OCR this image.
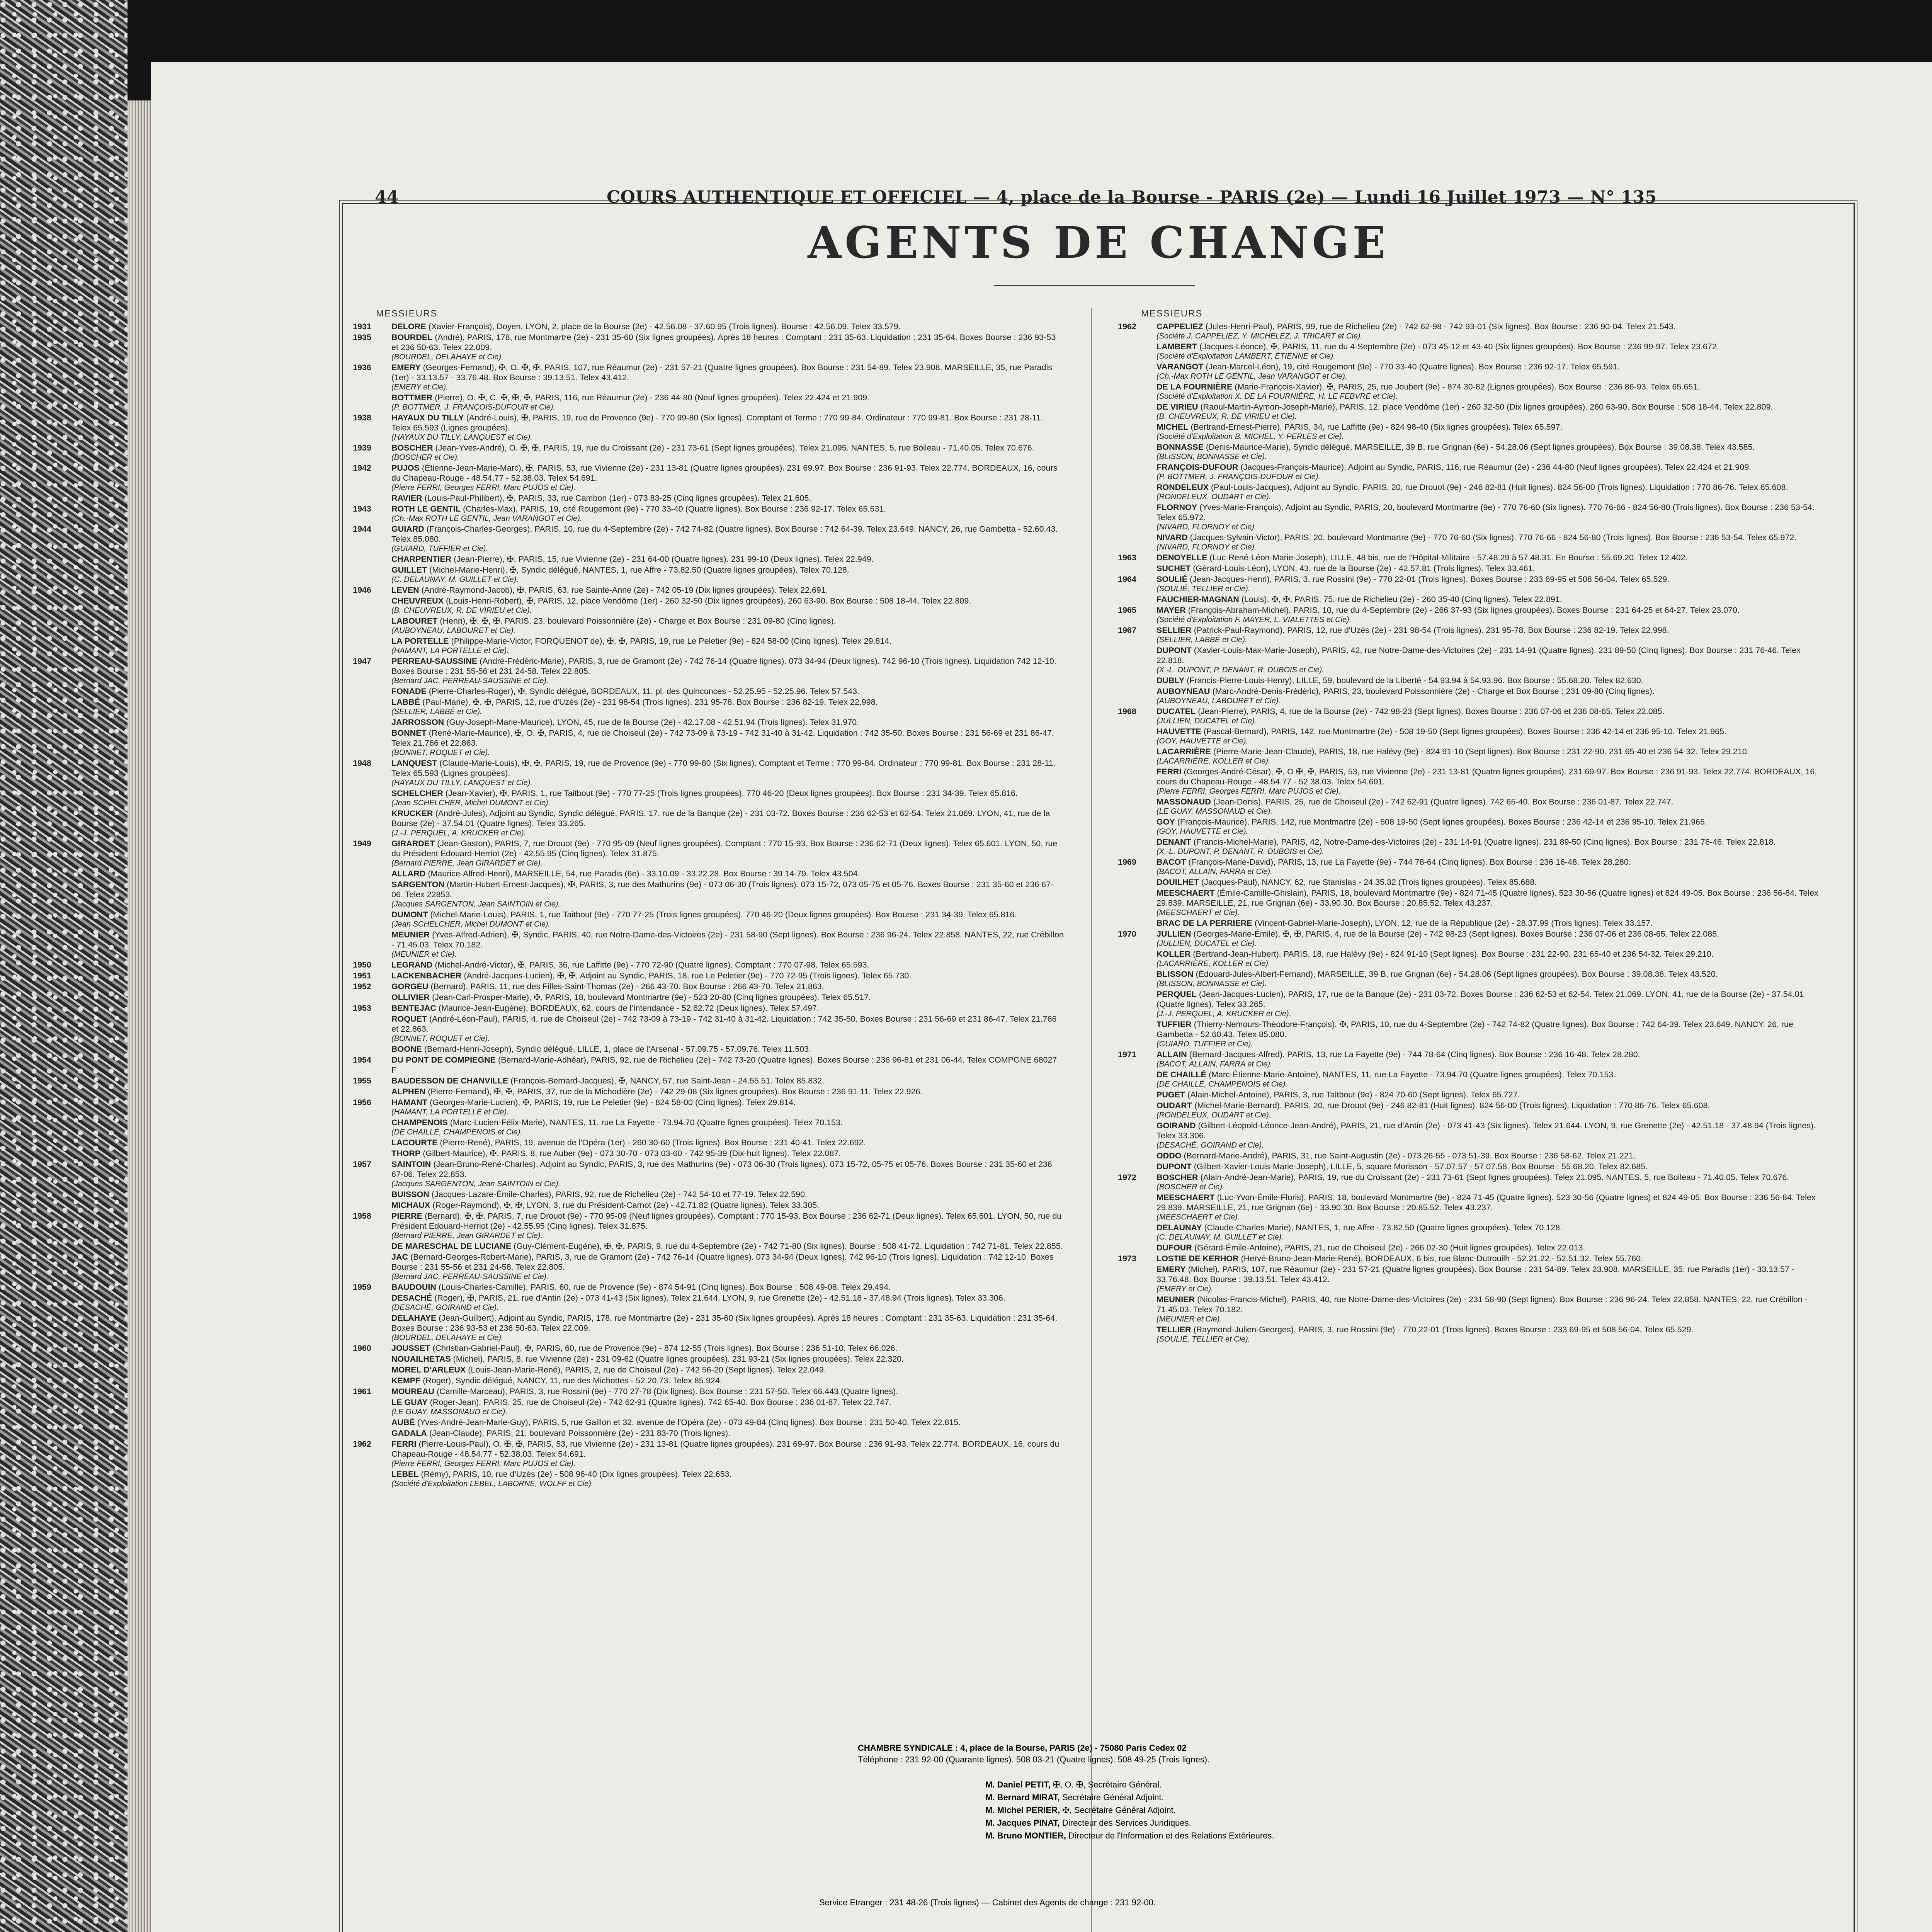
44	COURS AUTHENTIQUE ET OFFICIEL — 4, place de la Bourse - PARIS (2e) — Lundi 16 Juillet 1973 — N° 135
AGENTS DE CHANGE
MESSIEURS
1931 DELORE (Xavier-François), Doyen, LYON, 2, place de la Bourse (2e) - 42.56.08 - 37.60.95 (Trois lignes). Bourse : 42.56.09. Telex 33.579.
1935 BOURDEL (André), PARIS, 178, rue Montmartre (2e) - 231 35-60 (Six lignes groupées). Après 18 heures : Comptant : 231 35-63. Liquidation : 231 35-64. Boxes Bourse : 236 93-53 et 236 50-63. Telex 22.009.
(BOURDEL, DELAHAYE et Cie).
1936 EMERY (Georges-Fernand), ✠, O. ✠, ✠, PARIS, 107, rue Réaumur (2e) - 231 57-21 (Quatre lignes groupées). Box Bourse : 231 54-89. Telex 23.908. MARSEILLE, 35, rue Paradis (1er) - 33.13.57 - 33.76.48. Box Bourse : 39.13.51. Telex 43.412.
(EMERY et Cie).
BOTTMER (Pierre), O. ✠, C. ✠, ✠, ✠, PARIS, 116, rue Réaumur (2e) - 236 44-80 (Neuf lignes groupées). Telex 22.424 et 21.909.
(P. BOTTMER, J. FRANÇOIS-DUFOUR et Cie).
1938 HAYAUX DU TILLY (André-Louis), ✠, PARIS, 19, rue de Provence (9e) - 770 99-80 (Six lignes). Comptant et Terme : 770 99-84. Ordinateur : 770 99-81. Box Bourse : 231 28-11. Telex 65.593 (Lignes groupées).
(HAYAUX DU TILLY, LANQUEST et Cie).
1939 BOSCHER (Jean-Yves-André), O. ✠, ✠, PARIS, 19, rue du Croissant (2e) - 231 73-61 (Sept lignes groupées). Telex 21.095. NANTES, 5, rue Boileau - 71.40.05. Telex 70.676.
(BOSCHER et Cie).
1942 PUJOS (Étienne-Jean-Marie-Marc), ✠, PARIS, 53, rue Vivienne (2e) - 231 13-81 (Quatre lignes groupées). 231 69.97. Box Bourse : 236 91-93. Telex 22.774. BORDEAUX, 16, cours du Chapeau-Rouge - 48.54.77 - 52.38.03. Telex 54.691.
(Pierre FERRI, Georges FERRI, Marc PUJOS et Cie).
RAVIER (Louis-Paul-Philibert), ✠, PARIS, 33, rue Cambon (1er) - 073 83-25 (Cinq lignes groupées). Telex 21.605.
1943 ROTH LE GENTIL (Charles-Max), PARIS, 19, cité Rougemont (9e) - 770 33-40 (Quatre lignes). Box Bourse : 236 92-17. Telex 65.531.
(Ch.-Max ROTH LE GENTIL, Jean VARANGOT et Cie).
1944 GUIARD (François-Charles-Georges), PARIS, 10, rue du 4-Septembre (2e) - 742 74-82 (Quatre lignes). Box Bourse : 742 64-39. Telex 23.649. NANCY, 26, rue Gambetta - 52.60.43. Telex 85.080.
(GUIARD, TUFFIER et Cie).
CHARPENTIER (Jean-Pierre), ✠, PARIS, 15, rue Vivienne (2e) - 231 64-00 (Quatre lignes). 231 99-10 (Deux lignes). Telex 22.949.
GUILLET (Michel-Marie-Henri), ✠, Syndic délégué, NANTES, 1, rue Affre - 73.82.50 (Quatre lignes groupées). Telex 70.128.
(C. DELAUNAY, M. GUILLET et Cie).
1946 LEVEN (André-Raymond-Jacob), ✠, PARIS, 63, rue Sainte-Anne (2e) - 742 05-19 (Dix lignes groupées). Telex 22.691.
CHEUVREUX (Louis-Henri-Robert), ✠, PARIS, 12, place Vendôme (1er) - 260 32-50 (Dix lignes groupées). 260 63-90. Box Bourse : 508 18-44. Telex 22.809.
(B. CHEUVREUX, R. DE VIRIEU et Cie).
LABOURET (Henri), ✠, ✠, ✠, PARIS, 23, boulevard Poissonnière (2e) - Charge et Box Bourse : 231 09-80 (Cinq lignes).
(AUBOYNEAU, LABOURET et Cie).
LA PORTELLE (Philippe-Marie-Victor, FORQUENOT de), ✠, ✠, PARIS, 19, rue Le Peletier (9e) - 824 58-00 (Cinq lignes). Telex 29.814.
(HAMANT, LA PORTELLE et Cie).
1947 PERREAU-SAUSSINE (André-Frédéric-Marie), PARIS, 3, rue de Gramont (2e) - 742 76-14 (Quatre lignes). 073 34-94 (Deux lignes). 742 96-10 (Trois lignes). Liquidation 742 12-10. Boxes Bourse : 231 55-56 et 231 24-58. Telex 22.805.
(Bernard JAC, PERREAU-SAUSSINE et Cie).
FONADE (Pierre-Charles-Roger), ✠, Syndic délégué, BORDEAUX, 11, pl. des Quinconces - 52.25.95 - 52.25.96. Telex 57.543.
LABBÉ (Paul-Marie), ✠, ✠, PARIS, 12, rue d'Uzès (2e) - 231 98-54 (Trois lignes). 231 95-78. Box Bourse : 236 82-19. Telex 22.998.
(SELLIER, LABBÉ et Cie).
JARROSSON (Guy-Joseph-Marie-Maurice), LYON, 45, rue de la Bourse (2e) - 42.17.08 - 42.51.94 (Trois lignes). Telex 31.970.
BONNET (René-Marie-Maurice), ✠, O. ✠, PARIS, 4, rue de Choiseul (2e) - 742 73-09 à 73-19 - 742 31-40 à 31-42. Liquidation : 742 35-50. Boxes Bourse : 231 56-69 et 231 86-47. Telex 21.766 et 22.863.
(BONNET, ROQUET et Cie).
1948 LANQUEST (Claude-Marie-Louis), ✠, ✠, PARIS, 19, rue de Provence (9e) - 770 99-80 (Six lignes). Comptant et Terme : 770 99-84. Ordinateur : 770 99-81. Box Bourse : 231 28-11. Telex 65.593 (Lignes groupées).
(HAYAUX DU TILLY, LANQUEST et Cie).
SCHELCHER (Jean-Xavier), ✠, PARIS, 1, rue Taitbout (9e) - 770 77-25 (Trois lignes groupées). 770 46-20 (Deux lignes groupées). Box Bourse : 231 34-39. Telex 65.816.
(Jean SCHELCHER, Michel DUMONT et Cie).
KRUCKER (André-Jules), Adjoint au Syndic, Syndic délégué, PARIS, 17, rue de la Banque (2e) - 231 03-72. Boxes Bourse : 236 62-53 et 62-54. Telex 21.069. LYON, 41, rue de la Bourse (2e) - 37.54.01 (Quatre lignes). Telex 33.265.
(J.-J. PERQUEL, A. KRUCKER et Cie).
1949 GIRARDET (Jean-Gaston), PARIS, 7, rue Drouot (9e) - 770 95-09 (Neuf lignes groupées). Comptant : 770 15-93. Box Bourse : 236 62-71 (Deux lignes). Telex 65.601. LYON, 50, rue du Président Edouard-Herriot (2e) - 42.55.95 (Cinq lignes). Telex 31.875.
(Bernard PIERRE, Jean GIRARDET et Cie).
ALLARD (Maurice-Alfred-Henri), MARSEILLE, 54, rue Paradis (6e) - 33.10.09 - 33.22.28. Box Bourse : 39 14-79. Telex 43.504.
SARGENTON (Martin-Hubert-Ernest-Jacques), ✠, PARIS, 3, rue des Mathurins (9e) - 073 06-30 (Trois lignes). 073 15-72, 073 05-75 et 05-76. Boxes Bourse : 231 35-60 et 236 67-06. Telex 22853.
(Jacques SARGENTON, Jean SAINTOIN et Cie).
DUMONT (Michel-Marie-Louis), PARIS, 1, rue Taitbout (9e) - 770 77-25 (Trois lignes groupées). 770 46-20 (Deux lignes groupées). Box Bourse : 231 34-39. Telex 65.816.
(Jean SCHELCHER, Michel DUMONT et Cie).
MEUNIER (Yves-Alfred-Adrien), ✠, Syndic, PARIS, 40, rue Notre-Dame-des-Victoires (2e) - 231 58-90 (Sept lignes). Box Bourse : 236 96-24. Telex 22.858. NANTES, 22, rue Crébillon - 71.45.03. Telex 70.182.
(MEUNIER et Cie).
1950 LEGRAND (Michel-André-Victor), ✠, PARIS, 36, rue Laffitte (9e) - 770 72-90 (Quatre lignes). Comptant : 770 07-98. Telex 65.593.
1951 LACKENBACHER (André-Jacques-Lucien), ✠, ✠, Adjoint au Syndic, PARIS, 18, rue Le Peletier (9e) - 770 72-95 (Trois lignes). Telex 65.730.
1952 GORGEU (Bernard), PARIS, 11, rue des Filles-Saint-Thomas (2e) - 266 43-70. Box Bourse : 266 43-70. Telex 21.863.
OLLIVIER (Jean-Carl-Prosper-Marie), ✠, PARIS, 18, boulevard Montmartre (9e) - 523 20-80 (Cinq lignes groupées). Telex 65.517.
1953 BENTEJAC (Maurice-Jean-Eugène), BORDEAUX, 62, cours de l'Intendance - 52.62.72 (Deux lignes). Telex 57.497.
ROQUET (André-Léon-Paul), PARIS, 4, rue de Choiseul (2e) - 742 73-09 à 73-19 - 742 31-40 à 31-42. Liquidation : 742 35-50. Boxes Bourse : 231 56-69 et 231 86-47. Telex 21.766 et 22.863.
(BONNET, ROQUET et Cie).
BOONE (Bernard-Henri-Joseph), Syndic délégué, LILLE, 1, place de l'Arsenal - 57.09.75 - 57.09.76. Telex 11.503.
1954 DU PONT DE COMPIEGNE (Bernard-Marie-Adhéar), PARIS, 92, rue de Richelieu (2e) - 742 73-20 (Quatre lignes). Boxes Bourse : 236 96-81 et 231 06-44. Telex COMPGNE 68027 F
1955 BAUDESSON DE CHANVILLE (François-Bernard-Jacques), ✠, NANCY, 57, rue Saint-Jean - 24.55.51. Telex 85.832.
ALPHEN (Pierre-Fernand), ✠, ✠, PARIS, 37, rue de la Michodière (2e) - 742 29-08 (Six lignes groupées). Box Bourse : 236 91-11. Telex 22.926.
1956 HAMANT (Georges-Marie-Lucien), ✠, PARIS, 19, rue Le Peletier (9e) - 824 58-00 (Cinq lignes). Telex 29.814.
(HAMANT, LA PORTELLE et Cie).
CHAMPENOIS (Marc-Lucien-Félix-Marie), NANTES, 11, rue La Fayette - 73.94.70 (Quatre lignes groupées). Telex 70.153.
(DE CHAILLÉ, CHAMPENOIS et Cie).
LACOURTE (Pierre-René), PARIS, 19, avenue de l'Opéra (1er) - 260 30-60 (Trois lignes). Box Bourse : 231 40-41. Telex 22.692.
THORP (Gilbert-Maurice), ✠, PARIS, 8, rue Auber (9e) - 073 30-70 - 073 03-60 - 742 95-39 (Dix-huit lignes). Telex 22.087.
1957 SAINTOIN (Jean-Bruno-René-Charles), Adjoint au Syndic, PARIS, 3, rue des Mathurins (9e) - 073 06-30 (Trois lignes). 073 15-72, 05-75 et 05-76. Boxes Bourse : 231 35-60 et 236 67-06. Telex 22.853.
(Jacques SARGENTON, Jean SAINTOIN et Cie).
BUISSON (Jacques-Lazare-Émile-Charles), PARIS, 92, rue de Richelieu (2e) - 742 54-10 et 77-19. Telex 22.590.
MICHAUX (Roger-Raymond), ✠, ✠, LYON, 3, rue du Président-Carnot (2e) - 42.71.82 (Quatre lignes). Telex 33.305.
1958 PIERRE (Bernard), ✠, ✠, PARIS, 7, rue Drouot (9e) - 770 95-09 (Neuf lignes groupées). Comptant : 770 15-93. Box Bourse : 236 62-71 (Deux lignes). Telex 65.601. LYON, 50, rue du Président Edouard-Herriot (2e) - 42.55.95 (Cinq lignes). Telex 31.875.
(Bernard PIERRE, Jean GIRARDET et Cie).
DE MARESCHAL DE LUCIANE (Guy-Clément-Eugène), ✠, ✠, PARIS, 9, rue du 4-Septembre (2e) - 742 71-80 (Six lignes). Bourse : 508 41-72. Liquidation : 742 71-81. Telex 22.855.
JAC (Bernard-Georges-Robert-Marie), PARIS, 3, rue de Gramont (2e) - 742 76-14 (Quatre lignes). 073 34-94 (Deux lignes). 742 96-10 (Trois lignes). Liquidation : 742 12-10. Boxes Bourse : 231 55-56 et 231 24-58. Telex 22.805.
(Bernard JAC, PERREAU-SAUSSINE et Cie).
1959 BAUDOUIN (Louis-Charles-Camille), PARIS, 60, rue de Provence (9e) - 874 54-91 (Cinq lignes). Box Bourse : 508 49-08. Telex 29.494.
DESACHÉ (Roger), ✠, PARIS, 21, rue d'Antin (2e) - 073 41-43 (Six lignes). Telex 21.644. LYON, 9, rue Grenette (2e) - 42.51.18 - 37.48.94 (Trois lignes). Telex 33.306.
(DESACHÉ, GOIRAND et Cie).
DELAHAYE (Jean-Guilbert), Adjoint au Syndic, PARIS, 178, rue Montmartre (2e) - 231 35-60 (Six lignes groupées). Après 18 heures : Comptant : 231 35-63. Liquidation : 231 35-64. Boxes Bourse : 236 93-53 et 236 50-63. Telex 22.009.
(BOURDEL, DELAHAYE et Cie).
1960 JOUSSET (Christian-Gabriel-Paul), ✠, PARIS, 60, rue de Provence (9e) - 874 12-55 (Trois lignes). Box Bourse : 236 51-10. Telex 66.026.
NOUAILHETAS (Michel), PARIS, 8, rue Vivienne (2e) - 231 09-62 (Quatre lignes groupées). 231 93-21 (Six lignes groupées). Telex 22.320.
MOREL D'ARLEUX (Louis-Jean-Marie-René), PARIS, 2, rue de Choiseul (2e) - 742 56-20 (Sept lignes). Telex 22.049.
KEMPF (Roger), Syndic délégué, NANCY, 11, rue des Michottes - 52.20.73. Telex 85.924.
1961 MOUREAU (Camille-Marceau), PARIS, 3, rue Rossini (9e) - 770 27-78 (Dix lignes). Box Bourse : 231 57-50. Telex 66.443 (Quatre lignes).
LE GUAY (Roger-Jean), PARIS, 25, rue de Choiseul (2e) - 742 62-91 (Quatre lignes). 742 65-40. Box Bourse : 236 01-87. Telex 22.747.
(LE GUAY, MASSONAUD et Cie).
AUBÉ (Yves-André-Jean-Marie-Guy), PARIS, 5, rue Gaillon et 32, avenue de l'Opéra (2e) - 073 49-84 (Cinq lignes). Box Bourse : 231 50-40. Telex 22.815.
GADALA (Jean-Claude), PARIS, 21, boulevard Poissonnière (2e) - 231 83-70 (Trois lignes).
1962 FERRI (Pierre-Louis-Paul), O. ✠, ✠, PARIS, 53, rue Vivienne (2e) - 231 13-81 (Quatre lignes groupées). 231 69-97. Box Bourse : 236 91-93. Telex 22.774. BORDEAUX, 16, cours du Chapeau-Rouge - 48.54.77 - 52.38.03. Telex 54.691.
(Pierre FERRI, Georges FERRI, Marc PUJOS et Cie).
LEBEL (Rémy), PARIS, 10, rue d'Uzès (2e) - 508 96-40 (Dix lignes groupées). Telex 22.653.
(Société d'Exploitation LEBEL, LABORNE, WOLFF et Cie).
MESSIEURS
1962 CAPPELIEZ (Jules-Henri-Paul), PARIS, 99, rue de Richelieu (2e) - 742 62-98 - 742 93-01 (Six lignes). Box Bourse : 236 90-04. Telex 21.543.
(Société J. CAPPELIEZ, Y. MICHELEZ, J. TRICART et Cie).
LAMBERT (Jacques-Léonce), ✠, PARIS, 11, rue du 4-Septembre (2e) - 073 45-12 et 43-40 (Six lignes groupées). Box Bourse : 236 99-97. Telex 23.672.
(Société d'Exploitation LAMBERT, ÉTIENNE et Cie).
VARANGOT (Jean-Marcel-Léon), 19, cité Rougemont (9e) - 770 33-40 (Quatre lignes). Box Bourse : 236 92-17. Telex 65.591.
(Ch.-Max ROTH LE GENTIL, Jean VARANGOT et Cie).
DE LA FOURNIÈRE (Marie-François-Xavier), ✠, PARIS, 25, rue Joubert (9e) - 874 30-82 (Lignes groupées). Box Bourse : 236 86-93. Telex 65.651.
(Société d'Exploitation X. DE LA FOURNIÈRE, H. LE FEBVRE et Cie).
DE VIRIEU (Raoul-Martin-Aymon-Joseph-Marie), PARIS, 12, place Vendôme (1er) - 260 32-50 (Dix lignes groupées). 260 63-90. Box Bourse : 508 18-44. Telex 22.809.
(B. CHEUVREUX, R. DE VIRIEU et Cie).
MICHEL (Bertrand-Ernest-Pierre), PARIS, 34, rue Laffitte (9e) - 824 98-40 (Six lignes groupées). Telex 65.597.
(Société d'Exploitation B. MICHEL, Y. PERLES et Cie).
BONNASSE (Denis-Maurice-Marie), Syndic délégué, MARSEILLE, 39 B, rue Grignan (6e) - 54.28.06 (Sept lignes groupées). Box Bourse : 39.08.38. Telex 43.585.
(BLISSON, BONNASSE et Cie).
FRANÇOIS-DUFOUR (Jacques-François-Maurice), Adjoint au Syndic, PARIS, 116, rue Réaumur (2e) - 236 44-80 (Neuf lignes groupées). Telex 22.424 et 21.909.
(P. BOTTMER, J. FRANÇOIS-DUFOUR et Cie).
RONDELEUX (Paul-Louis-Jacques), Adjoint au Syndic, PARIS, 20, rue Drouot (9e) - 246 82-81 (Huit lignes). 824 56-00 (Trois lignes). Liquidation : 770 86-76. Telex 65.608.
(RONDELEUX, OUDART et Cie).
FLORNOY (Yves-Marie-François), Adjoint au Syndic, PARIS, 20, boulevard Montmartre (9e) - 770 76-60 (Six lignes). 770 76-66 - 824 56-80 (Trois lignes). Box Bourse : 236 53-54. Telex 65.972.
(NIVARD, FLORNOY et Cie).
NIVARD (Jacques-Sylvain-Victor), PARIS, 20, boulevard Montmartre (9e) - 770 76-60 (Six lignes). 770 76-66 - 824 56-80 (Trois lignes). Box Bourse : 236 53-54. Telex 65.972.
(NIVARD, FLORNOY et Cie).
1963 DENOYELLE (Luc-René-Léon-Marie-Joseph), LILLE, 48 bis, rue de l'Hôpital-Militaire - 57.48.29 à 57.48.31. En Bourse : 55.69.20. Telex 12.402.
SUCHET (Gérard-Louis-Léon), LYON, 43, rue de la Bourse (2e) - 42.57.81 (Trois lignes). Telex 33.461.
1964 SOULIÉ (Jean-Jacques-Henri), PARIS, 3, rue Rossini (9e) - 770 22-01 (Trois lignes). Boxes Bourse : 233 69-95 et 508 56-04. Telex 65.529.
(SOULIÉ, TELLIER et Cie).
FAUCHIER-MAGNAN (Louis), ✠, ✠, PARIS, 75, rue de Richelieu (2e) - 260 35-40 (Cinq lignes). Telex 22.891.
1965 MAYER (François-Abraham-Michel), PARIS, 10, rue du 4-Septembre (2e) - 266 37-93 (Six lignes groupées). Boxes Bourse : 231 64-25 et 64-27. Telex 23.070.
(Société d'Exploitation F. MAYER, L. VIALETTES et Cie).
1967 SELLIER (Patrick-Paul-Raymond), PARIS, 12, rue d'Uzès (2e) - 231 98-54 (Trois lignes). 231 95-78. Box Bourse : 236 82-19. Telex 22.998.
(SELLIER, LABBÉ et Cie).
DUPONT (Xavier-Louis-Max-Marie-Joseph), PARIS, 42, rue Notre-Dame-des-Victoires (2e) - 231 14-91 (Quatre lignes). 231 89-50 (Cinq lignes). Box Bourse : 231 76-46. Telex 22.818.
(X.-L. DUPONT, P. DENANT, R. DUBOIS et Cie).
DUBLY (Francis-Pierre-Louis-Henry), LILLE, 59, boulevard de la Liberté - 54.93.94 à 54.93.96. Box Bourse : 55.68.20. Telex 82.630.
AUBOYNEAU (Marc-André-Denis-Frédéric), PARIS, 23, boulevard Poissonnière (2e) - Charge et Box Bourse : 231 09-80 (Cinq lignes).
(AUBOYNEAU, LABOURET et Cie).
1968 DUCATEL (Jean-Pierre), PARIS, 4, rue de la Bourse (2e) - 742 98-23 (Sept lignes). Boxes Bourse : 236 07-06 et 236 08-65. Telex 22.085.
(JULLIEN, DUCATEL et Cie).
HAUVETTE (Pascal-Bernard), PARIS, 142, rue Montmartre (2e) - 508 19-50 (Sept lignes groupées). Boxes Bourse : 236 42-14 et 236 95-10. Telex 21.965.
(GOY, HAUVETTE et Cie).
LACARRIÈRE (Pierre-Marie-Jean-Claude), PARIS, 18, rue Halévy (9e) - 824 91-10 (Sept lignes). Box Bourse : 231 22-90. 231 65-40 et 236 54-32. Telex 29.210.
(LACARRIÈRE, KOLLER et Cie).
FERRI (Georges-André-César), ✠, O ✠, ✠, PARIS, 53, rue Vivienne (2e) - 231 13-81 (Quatre lignes groupées). 231 69-97. Box Bourse : 236 91-93. Telex 22.774. BORDEAUX, 16, cours du Chapeau-Rouge - 48.54.77 - 52.38.03. Telex 54.691.
(Pierre FERRI, Georges FERRI, Marc PUJOS et Cie).
MASSONAUD (Jean-Denis), PARIS, 25, rue de Choiseul (2e) - 742 62-91 (Quatre lignes). 742 65-40. Box Bourse : 236 01-87. Telex 22.747.
(LE GUAY, MASSONAUD et Cie).
GOY (François-Maurice), PARIS, 142, rue Montmartre (2e) - 508 19-50 (Sept lignes groupées). Boxes Bourse : 236 42-14 et 236 95-10. Telex 21.965.
(GOY, HAUVETTE et Cie).
DENANT (Francis-Michel-Marie), PARIS, 42, Notre-Dame-des-Victoires (2e) - 231 14-91 (Quatre lignes). 231 89-50 (Cinq lignes). Box Bourse : 231 76-46. Telex 22.818.
(X.-L. DUPONT, P. DENANT, R. DUBOIS et Cie).
1969 BACOT (François-Marie-David), PARIS, 13, rue La Fayette (9e) - 744 78-64 (Cinq lignes). Box Bourse : 236 16-48. Telex 28.280.
(BACOT, ALLAIN, FARRA et Cie).
DOUILHET (Jacques-Paul), NANCY, 62, rue Stanislas - 24.35.32 (Trois lignes groupées). Telex 85.688.
MEESCHAERT (Émile-Camille-Ghislain), PARIS, 18, boulevard Montmartre (9e) - 824 71-45 (Quatre lignes). 523 30-56 (Quatre lignes) et 824 49-05. Box Bourse : 236 56-84. Telex 29.839. MARSEILLE, 21, rue Grignan (6e) - 33.90.30. Box Bourse : 20.85.52. Telex 43.237.
(MEESCHAERT et Cie).
BRAC DE LA PERRIERE (Vincent-Gabriel-Marie-Joseph), LYON, 12, rue de la République (2e) - 28.37.99 (Trois lignes). Telex 33.157.
1970 JULLIEN (Georges-Marie-Émile), ✠, ✠, PARIS, 4, rue de la Bourse (2e) - 742 98-23 (Sept lignes). Boxes Bourse : 236 07-06 et 236 08-65. Telex 22.085.
(JULLIEN, DUCATEL et Cie).
KOLLER (Bertrand-Jean-Hubert), PARIS, 18, rue Halévy (9e) - 824 91-10 (Sept lignes). Box Bourse : 231 22-90. 231 65-40 et 236 54-32. Telex 29.210.
(LACARRIÈRE, KOLLER et Cie).
BLISSON (Édouard-Jules-Albert-Fernand), MARSEILLE, 39 B, rue Grignan (6e) - 54.28.06 (Sept lignes groupées). Box Bourse : 39.08.38. Telex 43.520.
(BLISSON, BONNASSE et Cie).
PERQUEL (Jean-Jacques-Lucien), PARIS, 17, rue de la Banque (2e) - 231 03-72. Boxes Bourse : 236 62-53 et 62-54. Telex 21.069. LYON, 41, rue de la Bourse (2e) - 37.54.01 (Quatre lignes). Telex 33.265.
(J.-J. PERQUEL, A. KRUCKER et Cie).
TUFFIER (Thierry-Nemours-Théodore-François), ✠, PARIS, 10, rue du 4-Septembre (2e) - 742 74-82 (Quatre lignes). Box Bourse : 742 64-39. Telex 23.649. NANCY, 26, rue Gambetta - 52.60.43. Telex 85.080.
(GUIARD, TUFFIER et Cie).
1971 ALLAIN (Bernard-Jacques-Alfred), PARIS, 13, rue La Fayette (9e) - 744 78-64 (Cinq lignes). Box Bourse : 236 16-48. Telex 28.280.
(BACOT, ALLAIN, FARRA et Cie).
DE CHAILLÉ (Marc-Étienne-Marie-Antoine), NANTES, 11, rue La Fayette - 73.94.70 (Quatre lignes groupées). Telex 70.153.
(DE CHAILLÉ, CHAMPENOIS et Cie).
PUGET (Alain-Michel-Antoine), PARIS, 3, rue Taitbout (9e) - 824 70-60 (Sept lignes). Telex 65.727.
OUDART (Michel-Marie-Bernard), PARIS, 20, rue Drouot (9e) - 246 82-81 (Huit lignes). 824 56-00 (Trois lignes). Liquidation : 770 86-76. Telex 65.608.
(RONDELEUX, OUDART et Cie).
GOIRAND (Gilbert-Léopold-Léonce-Jean-André), PARIS, 21, rue d'Antin (2e) - 073 41-43 (Six lignes). Telex 21.644. LYON, 9, rue Grenette (2e) - 42.51.18 - 37.48.94 (Trois lignes). Telex 33.306.
(DESACHÉ, GOIRAND et Cie).
ODDO (Bernard-Marie-André), PARIS, 31, rue Saint-Augustin (2e) - 073 26-55 - 073 51-39. Box Bourse : 236 58-62. Telex 21.221.
DUPONT (Gilbert-Xavier-Louis-Marie-Joseph), LILLE, 5, square Morisson - 57.07.57 - 57.07.58. Box Bourse : 55.68.20. Telex 82.685.
1972 BOSCHER (Alain-André-Jean-Marie), PARIS, 19, rue du Croissant (2e) - 231 73-61 (Sept lignes groupées). Telex 21.095. NANTES, 5, rue Boileau - 71.40.05. Telex 70.676.
(BOSCHER et Cie).
MEESCHAERT (Luc-Yvon-Émile-Floris), PARIS, 18, boulevard Montmartre (9e) - 824 71-45 (Quatre lignes). 523 30-56 (Quatre lignes) et 824 49-05. Box Bourse : 236 56-84. Telex 29.839. MARSEILLE, 21, rue Grignan (6e) - 33.90.30. Box Bourse : 20.85.52. Telex 43.237.
(MEESCHAERT et Cie).
DELAUNAY (Claude-Charles-Marie), NANTES, 1, rue Affre - 73.82.50 (Quatre lignes groupées). Telex 70.128.
(C. DELAUNAY, M. GUILLET et Cie).
DUFOUR (Gérard-Émile-Antoine), PARIS, 21, rue de Choiseul (2e) - 266 02-30 (Huit lignes groupées). Telex 22.013.
1973 LOSTIE DE KERHOR (Hervé-Bruno-Jean-Marie-René), BORDEAUX, 6 bis, rue Blanc-Dutrouilh - 52.21.22 - 52.51.32. Telex 55.760.
EMERY (Michel), PARIS, 107, rue Réaumur (2e) - 231 57-21 (Quatre lignes groupées). Box Bourse : 231 54-89. Telex 23.908. MARSEILLE, 35, rue Paradis (1er) - 33.13.57 - 33.76.48. Box Bourse : 39.13.51. Telex 43.412.
(EMERY et Cie).
MEUNIER (Nicolas-Francis-Michel), PARIS, 40, rue Notre-Dame-des-Victoires (2e) - 231 58-90 (Sept lignes). Box Bourse : 236 96-24. Telex 22.858. NANTES, 22, rue Crébillon - 71.45.03. Telex 70.182.
(MEUNIER et Cie).
TELLIER (Raymond-Julien-Georges), PARIS, 3, rue Rossini (9e) - 770 22-01 (Trois lignes). Boxes Bourse : 233 69-95 et 508 56-04. Telex 65.529.
(SOULIÉ, TELLIER et Cie).
CHAMBRE SYNDICALE : 4, place de la Bourse, PARIS (2e) - 75080 Paris Cedex 02
Téléphone : 231 92-00 (Quarante lignes). 508 03-21 (Quatre lignes). 508 49-25 (Trois lignes).
M. Daniel PETIT, ✠, O. ✠, Secrétaire Général.
M. Bernard MIRAT, Secrétaire Général Adjoint.
M. Michel PERIER, ✠, Secrétaire Général Adjoint.
M. Jacques PINAT, Directeur des Services Juridiques.
M. Bruno MONTIER, Directeur de l'Information et des Relations Extérieures.
Service Etranger : 231 48-26 (Trois lignes) — Cabinet des Agents de change : 231 92-00.
